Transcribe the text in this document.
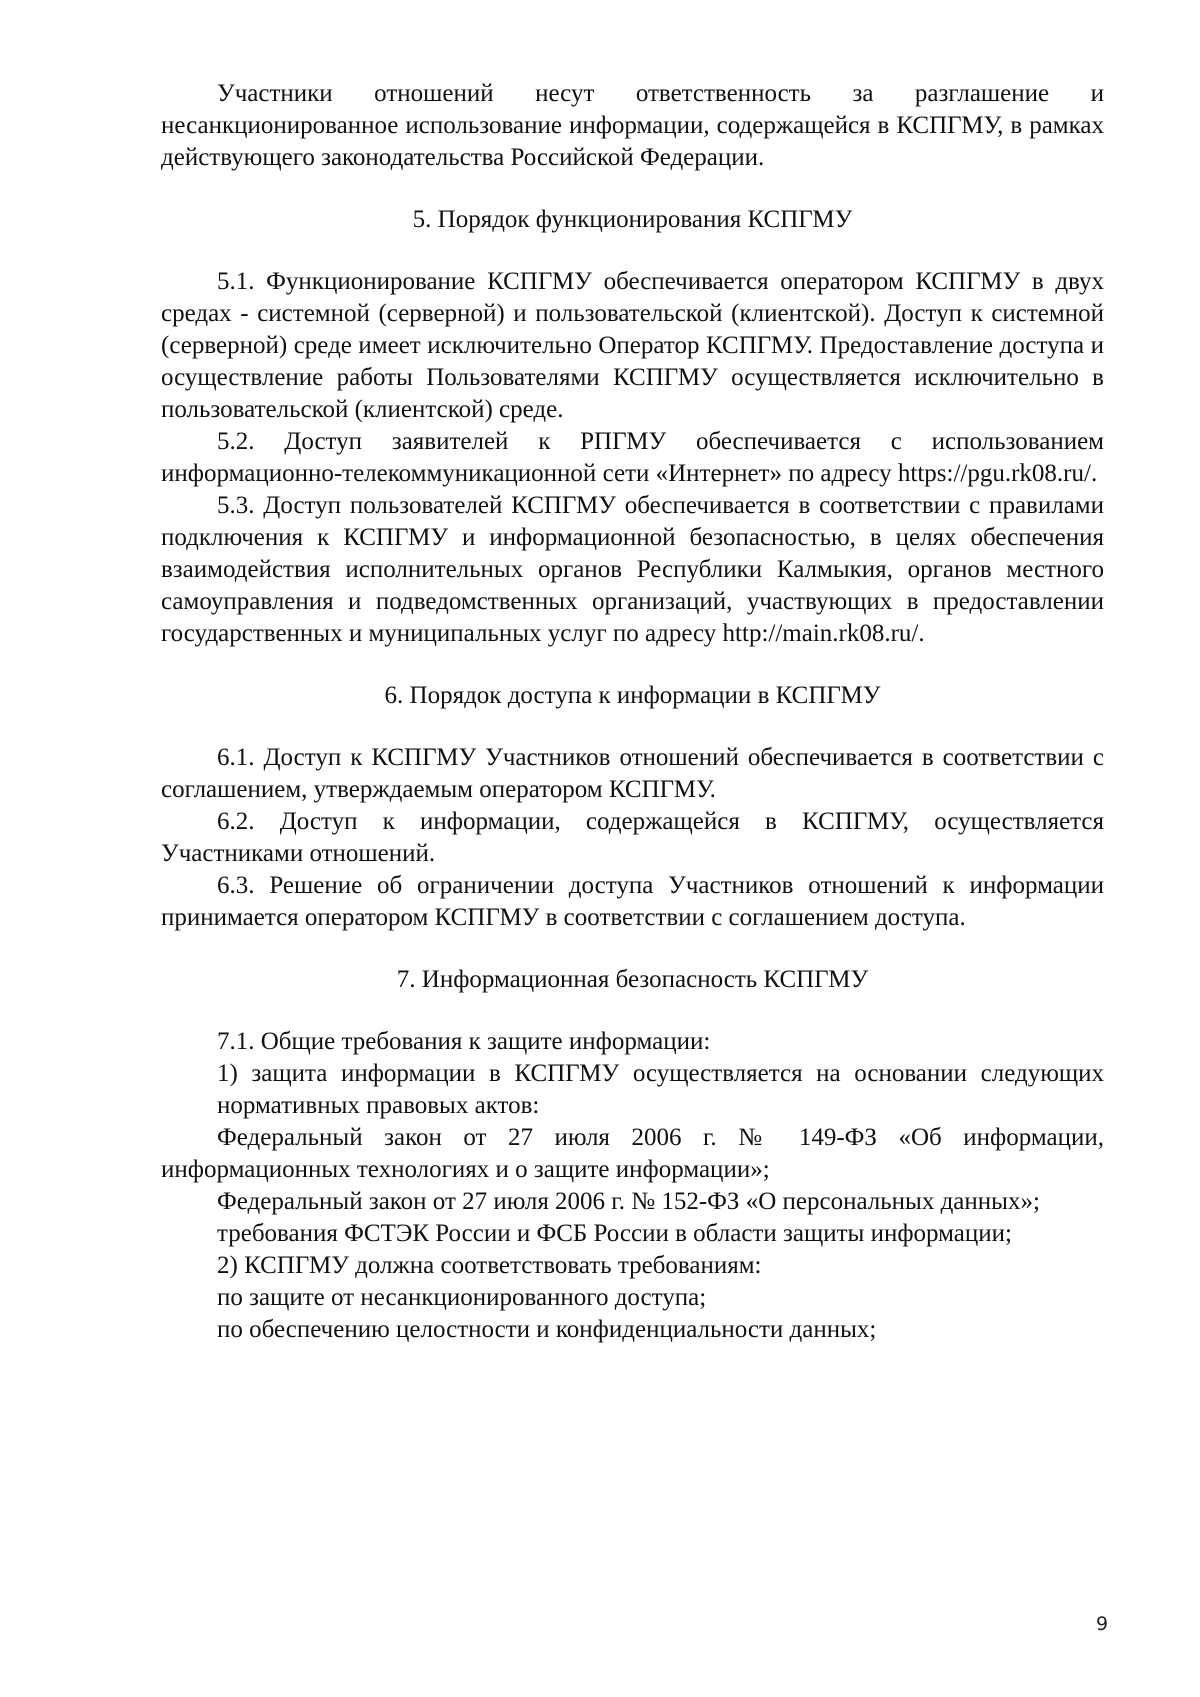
Участники отношений несут ответственность за разглашение и несанкционированное использование информации, содержащейся в КСПГМУ, в рамках действующего законодательства Российской Федерации.

5. Порядок функционирования КСПГМУ

5.1. Функционирование КСПГМУ обеспечивается оператором КСПГМУ в двух средах - системной (серверной) и пользовательской (клиентской). Доступ к системной (серверной) среде имеет исключительно Оператор КСПГМУ. Предоставление доступа и осуществление работы Пользователями КСПГМУ осуществляется исключительно в пользовательской (клиентской) среде.

5.2. Доступ заявителей к РПГМУ обеспечивается с использованием информационно-телекоммуникационной сети «Интернет» по адресу https://pgu.rk08.ru/.

5.3. Доступ пользователей КСПГМУ обеспечивается в соответствии с правилами подключения к КСПГМУ и информационной безопасностью, в целях обеспечения взаимодействия исполнительных органов Республики Калмыкия, органов местного самоуправления и подведомственных организаций, участвующих в предоставлении государственных и муниципальных услуг по адресу http://main.rk08.ru/.

6. Порядок доступа к информации в КСПГМУ

6.1. Доступ к КСПГМУ Участников отношений обеспечивается в соответствии с соглашением, утверждаемым оператором КСПГМУ.

6.2. Доступ к информации, содержащейся в КСПГМУ, осуществляется Участниками отношений.

6.3. Решение об ограничении доступа Участников отношений к информации принимается оператором КСПГМУ в соответствии с соглашением доступа.

7. Информационная безопасность КСПГМУ

7.1. Общие требования к защите информации:

1) защита информации в КСПГМУ осуществляется на основании следующих нормативных правовых актов:

Федеральный закон от 27 июля 2006 г. № 149-ФЗ «Об информации, информационных технологиях и о защите информации»;

Федеральный закон от 27 июля 2006 г. № 152-ФЗ «О персональных данных»;

требования ФСТЭК России и ФСБ России в области защиты информации;

2) КСПГМУ должна соответствовать требованиям:

по защите от несанкционированного доступа;

по обеспечению целостности и конфиденциальности данных;

9
